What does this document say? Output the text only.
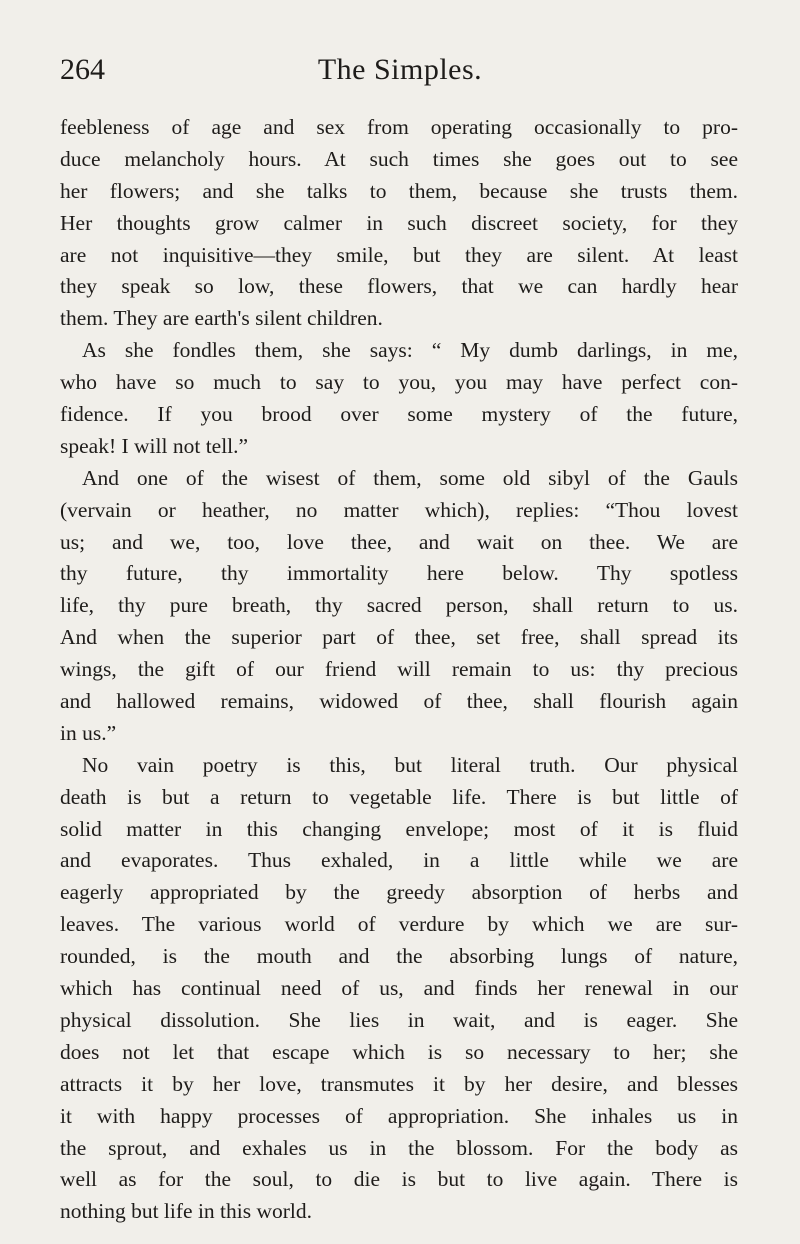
264	The Simples.
feebleness of age and sex from operating occasionally to pro-
duce melancholy hours. At such times she goes out to see
her flowers; and she talks to them, because she trusts them.
Her thoughts grow calmer in such discreet society, for they
are not inquisitive—they smile, but they are silent. At least
they speak so low, these flowers, that we can hardly hear
them. They are earth's silent children.
As she fondles them, she says: “ My dumb darlings, in me,
who have so much to say to you, you may have perfect con-
fidence. If you brood over some mystery of the future,
speak! I will not tell.”
And one of the wisest of them, some old sibyl of the Gauls
(vervain or heather, no matter which), replies: “Thou lovest
us; and we, too, love thee, and wait on thee. We are
thy future, thy immortality here below. Thy spotless
life, thy pure breath, thy sacred person, shall return to us.
And when the superior part of thee, set free, shall spread its
wings, the gift of our friend will remain to us: thy precious
and hallowed remains, widowed of thee, shall flourish again
in us.”
No vain poetry is this, but literal truth. Our physical
death is but a return to vegetable life. There is but little of
solid matter in this changing envelope; most of it is fluid
and evaporates. Thus exhaled, in a little while we are
eagerly appropriated by the greedy absorption of herbs and
leaves. The various world of verdure by which we are sur-
rounded, is the mouth and the absorbing lungs of nature,
which has continual need of us, and finds her renewal in our
physical dissolution. She lies in wait, and is eager. She
does not let that escape which is so necessary to her; she
attracts it by her love, transmutes it by her desire, and blesses
it with happy processes of appropriation. She inhales us in
the sprout, and exhales us in the blossom. For the body as
well as for the soul, to die is but to live again. There is
nothing but life in this world.
